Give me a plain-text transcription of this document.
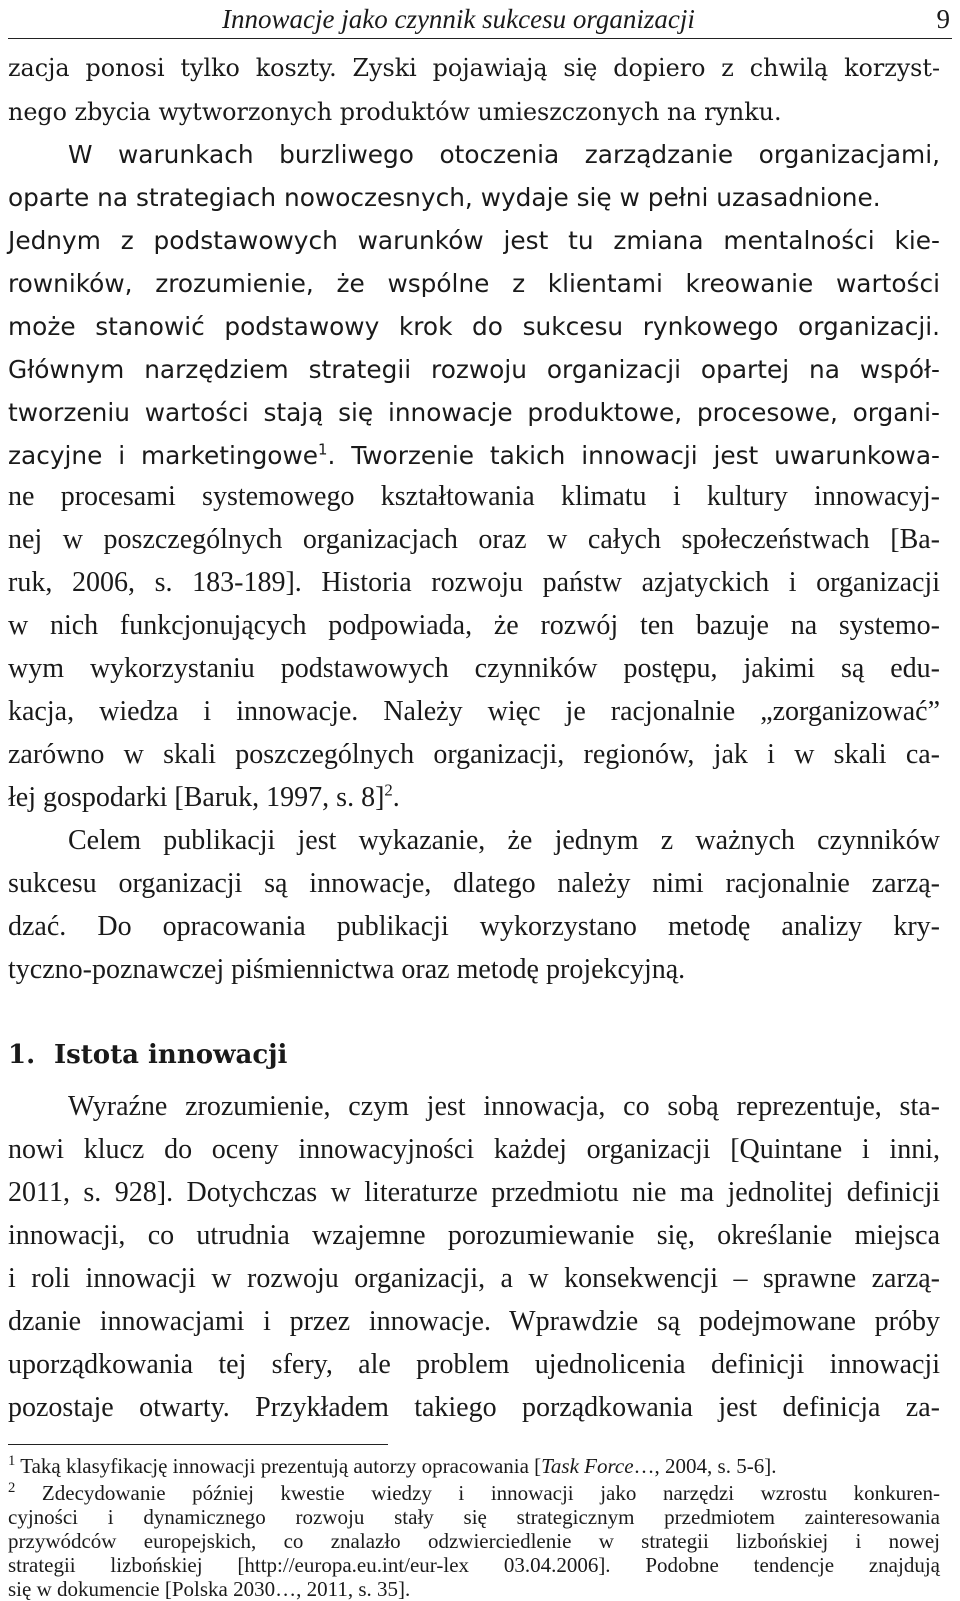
Innowacje jako czynnik sukcesu organizacji	9
zacja ponosi tylko koszty. Zyski pojawiają się dopiero z chwilą korzyst-
nego zbycia wytworzonych produktów umieszczonych na rynku.
W warunkach burzliwego otoczenia zarządzanie organizacjami,
oparte na strategiach nowoczesnych, wydaje się w pełni uzasadnione.
Jednym z podstawowych warunków jest tu zmiana mentalności kie-
rowników, zrozumienie, że wspólne z klientami kreowanie wartości
może stanowić podstawowy krok do sukcesu rynkowego organizacji.
Głównym narzędziem strategii rozwoju organizacji opartej na współ-
tworzeniu wartości stają się innowacje produktowe, procesowe, organi-
zacyjne i marketingowe$^1$. Tworzenie takich innowacji jest uwarunkowa-
ne procesami systemowego kształtowania klimatu i kultury innowacyj-
nej w poszczególnych organizacjach oraz w całych społeczeństwach [Ba-
ruk, 2006, s. 183-189]. Historia rozwoju państw azjatyckich i organizacji
w nich funkcjonujących podpowiada, że rozwój ten bazuje na systemo-
wym wykorzystaniu podstawowych czynników postępu, jakimi są edu-
kacja, wiedza i innowacje. Należy więc je racjonalnie „zorganizować”
zarówno w skali poszczególnych organizacji, regionów, jak i w skali ca-
łej gospodarki [Baruk, 1997, s. 8]$^2$.
Celem publikacji jest wykazanie, że jednym z ważnych czynników
sukcesu organizacji są innowacje, dlatego należy nimi racjonalnie zarzą-
dzać. Do opracowania publikacji wykorzystano metodę analizy kry-
tyczno-poznawczej piśmiennictwa oraz metodę projekcyjną.
1. Istota innowacji
Wyraźne zrozumienie, czym jest innowacja, co sobą reprezentuje, sta-
nowi klucz do oceny innowacyjności każdej organizacji [Quintane i inni,
2011, s. 928]. Dotychczas w literaturze przedmiotu nie ma jednolitej definicji
innowacji, co utrudnia wzajemne porozumiewanie się, określanie miejsca
i roli innowacji w rozwoju organizacji, a w konsekwencji – sprawne zarzą-
dzanie innowacjami i przez innowacje. Wprawdzie są podejmowane próby
uporządkowania tej sfery, ale problem ujednolicenia definicji innowacji
pozostaje otwarty. Przykładem takiego porządkowania jest definicja za-
$^1$ Taką klasyfikację innowacji prezentują autorzy opracowania [Task Force…, 2004, s. 5-6].
$^2$ Zdecydowanie później kwestie wiedzy i innowacji jako narzędzi wzrostu konkuren-
cyjności i dynamicznego rozwoju stały się strategicznym przedmiotem zainteresowania
przywódców europejskich, co znalazło odzwierciedlenie w strategii lizbońskiej i nowej
strategii lizbońskiej [http://europa.eu.int/eur-lex 03.04.2006]. Podobne tendencje znajdują
się w dokumencie [Polska 2030…, 2011, s. 35].
